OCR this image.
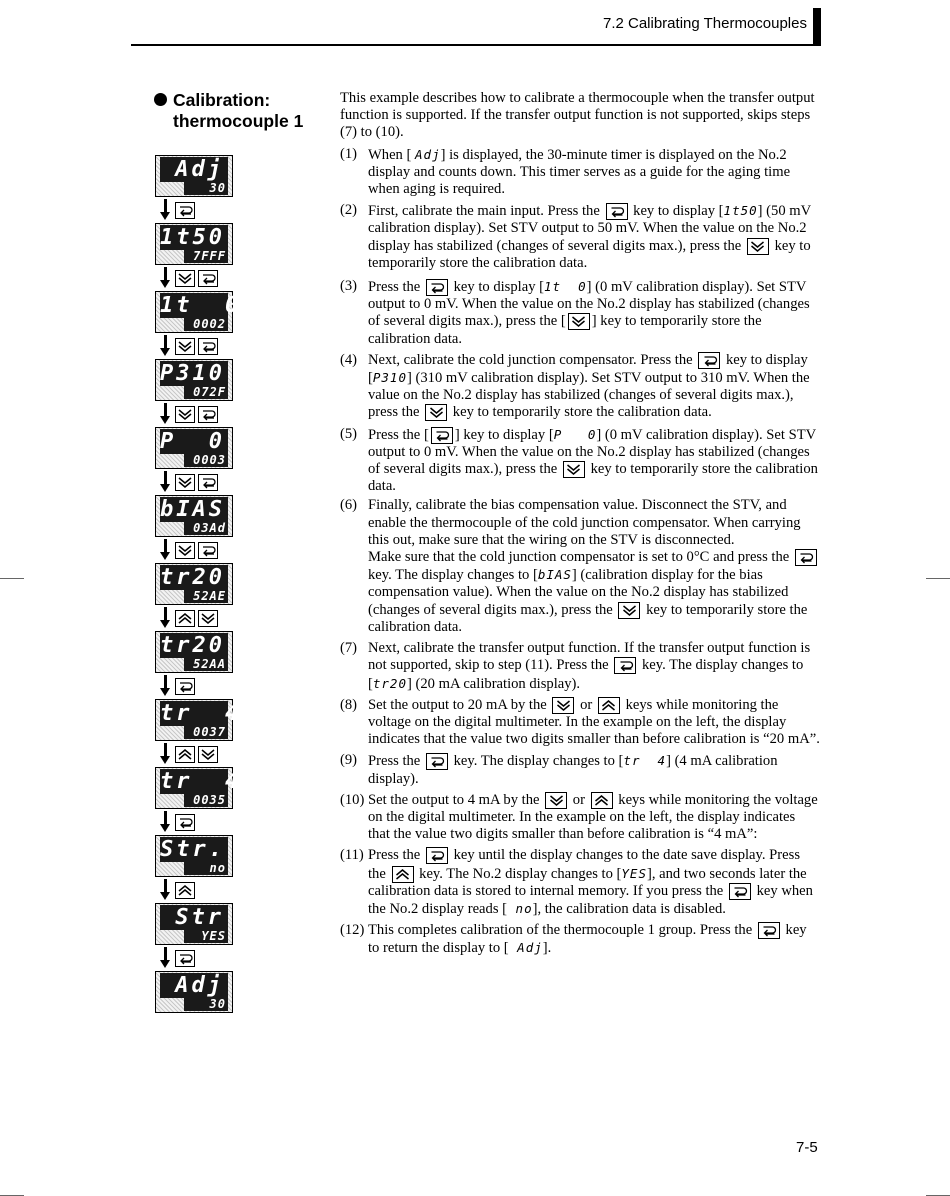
7.2 Calibrating Thermocouples
Calibration:
thermocouple 1
Adj
30
1t50
7FFF
1t  0
0002
P310
072F
P  0
0003
bIAS
03Ad
tr20
52AE
tr20
52AA
tr  4
0037
tr  4
0035
Str.
no
Str
YES
Adj
30

This example describes how to calibrate a thermocouple when the transfer output function is supported. If the transfer output function is not supported, skips steps (7) to (10).

(1) When [ Adj] is displayed, the 30-minute timer is displayed on the No.2 display and counts down. This timer serves as a guide for the aging time when aging is required.
(2) First, calibrate the main input. Press the key to display [1t50] (50 mV calibration display). Set STV output to 50 mV. When the value on the No.2 display has stabilized (changes of several digits max.), press the key to temporarily store the calibration data.
(3) Press the key to display [1t  0] (0 mV calibration display). Set STV output to 0 mV. When the value on the No.2 display has stabilized (changes of several digits max.), press the [ ] key to temporarily store the calibration data.
(4) Next, calibrate the cold junction compensator. Press the key to display [P310] (310 mV calibration display). Set STV output to 310 mV. When the value on the No.2 display has stabilized (changes of several digits max.), press the key to temporarily store the calibration data.
(5) Press the [ ] key to display [P   0] (0 mV calibration display). Set STV output to 0 mV. When the value on the No.2 display has stabilized (changes of several digits max.), press the key to temporarily store the calibration data.
(6) Finally, calibrate the bias compensation value. Disconnect the STV, and enable the thermocouple of the cold junction compensator. When carrying this out, make sure that the wiring on the STV is disconnected.
Make sure that the cold junction compensator is set to 0°C and press the
key. The display changes to [bIAS] (calibration display for the bias compensation value). When the value on the No.2 display has stabilized (changes of several digits max.), press the key to temporarily store the calibration data.
(7) Next, calibrate the transfer output function. If the transfer output function is not supported, skip to step (11). Press the key. The display changes to [tr20] (20 mA calibration display).
(8) Set the output to 20 mA by the or keys while monitoring the voltage on the digital multimeter. In the example on the left, the display indicates that the value two digits smaller than before calibration is “20 mA”.
(9) Press the key. The display changes to [tr  4] (4 mA calibration display).
(10) Set the output to 4 mA by the or keys while monitoring the voltage on the digital multimeter. In the example on the left, the display indicates that the value two digits smaller than before calibration is “4 mA”:
(11) Press the key until the display changes to the date save display. Press the key. The No.2 display changes to [YES], and two seconds later the calibration data is stored to internal memory. If you press the key when the No.2 display reads [ no], the calibration data is disabled.
(12) This completes calibration of the thermocouple 1 group. Press the key to return the display to [ Adj].
7-5
